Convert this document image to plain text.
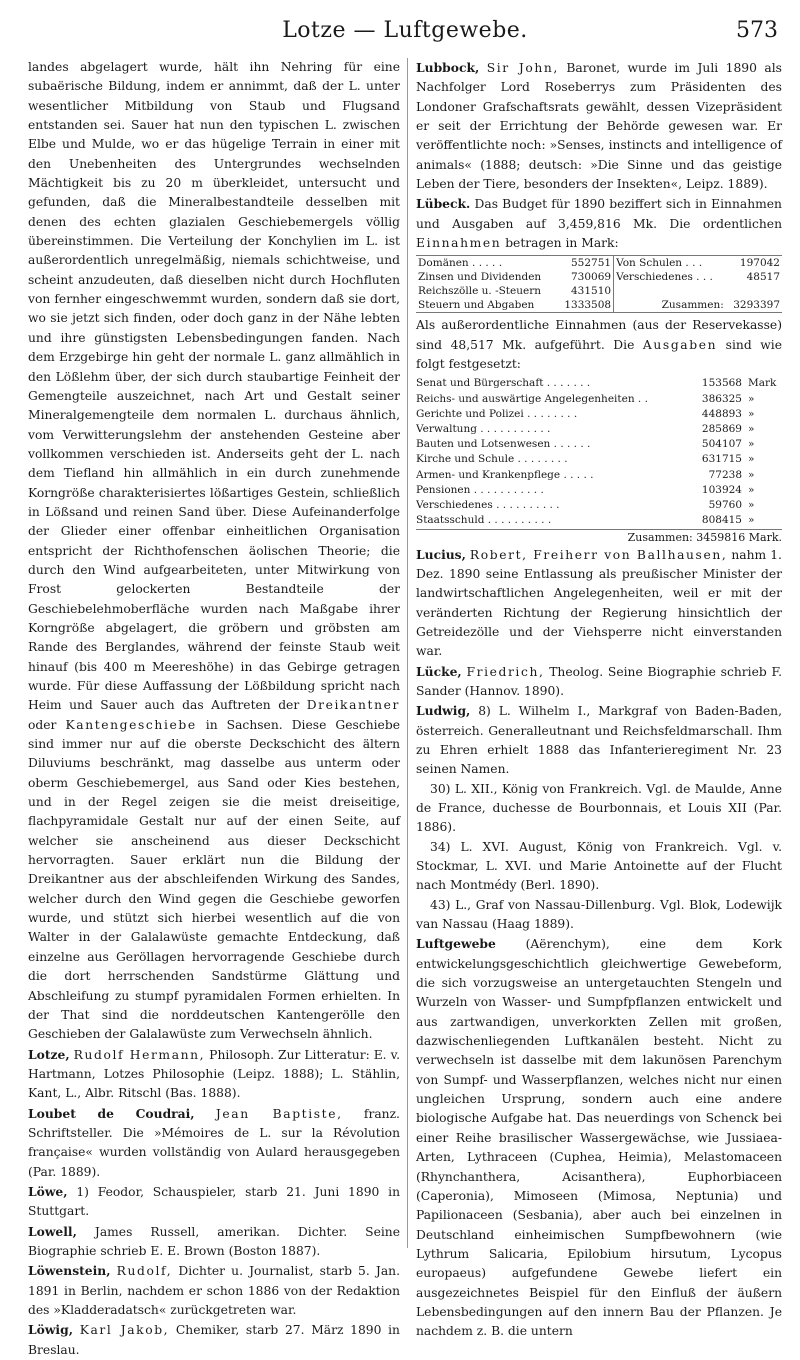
Lotze — Luftgewebe.	573

landes abgelagert wurde, hält ihn Nehring für eine subaërische Bildung, indem er annimmt, daß der L. unter wesentlicher Mitbildung von Staub und Flugsand entstanden sei. Sauer hat nun den typischen L. zwischen Elbe und Mulde, wo er das hügelige Terrain in einer mit den Unebenheiten des Untergrundes wechselnden Mächtigkeit bis zu 20 m überkleidet, untersucht und gefunden, daß die Mineralbestandteile desselben mit denen des echten glazialen Geschiebemergels völlig übereinstimmen. Die Verteilung der Konchylien im L. ist außerordentlich unregelmäßig, niemals schichtweise, und scheint anzudeuten, daß dieselben nicht durch Hochfluten von fernher eingeschwemmt wurden, sondern daß sie dort, wo sie jetzt sich finden, oder doch ganz in der Nähe lebten und ihre günstigsten Lebensbedingungen fanden. Nach dem Erzgebirge hin geht der normale L. ganz allmählich in den Lößlehm über, der sich durch staubartige Feinheit der Gemengteile auszeichnet, nach Art und Gestalt seiner Mineralgemengteile dem normalen L. durchaus ähnlich, vom Verwitterungslehm der anstehenden Gesteine aber vollkommen verschieden ist. Anderseits geht der L. nach dem Tiefland hin allmählich in ein durch zunehmende Korngröße charakterisiertes lößartiges Gestein, schließlich in Lößsand und reinen Sand über. Diese Aufeinanderfolge der Glieder einer offenbar einheitlichen Organisation entspricht der Richthofenschen äolischen Theorie; die durch den Wind aufgearbeiteten, unter Mitwirkung von Frost gelockerten Bestandteile der Geschiebelehmoberfläche wurden nach Maßgabe ihrer Korngröße abgelagert, die gröbern und gröbsten am Rande des Berglandes, während der feinste Staub weit hinauf (bis 400 m Meereshöhe) in das Gebirge getragen wurde. Für diese Auffassung der Lößbildung spricht nach Heim und Sauer auch das Auftreten der Dreikantner oder Kantengeschiebe in Sachsen. Diese Geschiebe sind immer nur auf die oberste Deckschicht des ältern Diluviums beschränkt, mag dasselbe aus unterm oder oberm Geschiebemergel, aus Sand oder Kies bestehen, und in der Regel zeigen sie die meist dreiseitige, flachpyramidale Gestalt nur auf der einen Seite, auf welcher sie anscheinend aus dieser Deckschicht hervorragten. Sauer erklärt nun die Bildung der Dreikantner aus der abschleifenden Wirkung des Sandes, welcher durch den Wind gegen die Geschiebe geworfen wurde, und stützt sich hierbei wesentlich auf die von Walter in der Galalawüste gemachte Entdeckung, daß einzelne aus Geröllagen hervorragende Geschiebe durch die dort herrschenden Sandstürme Glättung und Abschleifung zu stumpf pyramidalen Formen erhielten. In der That sind die norddeutschen Kantengerölle den Geschieben der Galalawüste zum Verwechseln ähnlich.

Lotze, Rudolf Hermann, Philosoph. Zur Litteratur: E. v. Hartmann, Lotzes Philosophie (Leipz. 1888); L. Stählin, Kant, L., Albr. Ritschl (Bas. 1888).

Loubet de Coudrai, Jean Baptiste, franz. Schriftsteller. Die »Mémoires de L. sur la Révolution française« wurden vollständig von Aulard herausgegeben (Par. 1889).

Löwe, 1) Feodor, Schauspieler, starb 21. Juni 1890 in Stuttgart.

Lowell, James Russell, amerikan. Dichter. Seine Biographie schrieb E. E. Brown (Boston 1887).

Löwenstein, Rudolf, Dichter u. Journalist, starb 5. Jan. 1891 in Berlin, nachdem er schon 1886 von der Redaktion des »Kladderadatsch« zurückgetreten war.

Löwig, Karl Jakob, Chemiker, starb 27. März 1890 in Breslau.

Lubbock, Sir John, Baronet, wurde im Juli 1890 als Nachfolger Lord Roseberrys zum Präsidenten des Londoner Grafschaftsrats gewählt, dessen Vizepräsident er seit der Errichtung der Behörde gewesen war. Er veröffentlichte noch: »Senses, instincts and intelligence of animals« (1888; deutsch: »Die Sinne und das geistige Leben der Tiere, besonders der Insekten«, Leipz. 1889).

Lübeck. Das Budget für 1890 beziffert sich in Einnahmen und Ausgaben auf 3,459,816 Mk. Die ordentlichen Einnahmen betragen in Mark:

Domänen . . . . .	552751	Von Schulen . . .	197042
Zinsen und Dividenden	730069	Verschiedenes . . .	48517
Reichszölle u. -Steuern	431510		
Steuern und Abgaben	1333508	Zusammen:	3293397

Als außerordentliche Einnahmen (aus der Reservekasse) sind 48,517 Mk. aufgeführt. Die Ausgaben sind wie folgt festgesetzt:

Senat und Bürgerschaft . . . . . . .	153568	Mark
Reichs- und auswärtige Angelegenheiten . .	386325	»
Gerichte und Polizei . . . . . . . .	448893	»
Verwaltung . . . . . . . . . . .	285869	»
Bauten und Lotsenwesen . . . . . .	504107	»
Kirche und Schule . . . . . . . .	631715	»
Armen- und Krankenpflege . . . . .	77238	»
Pensionen . . . . . . . . . . .	103924	»
Verschiedenes . . . . . . . . . .	59760	»
Staatsschuld . . . . . . . . . .	808415	»
Zusammen: 3459816 Mark.

Lucius, Robert, Freiherr von Ballhausen, nahm 1. Dez. 1890 seine Entlassung als preußischer Minister der landwirtschaftlichen Angelegenheiten, weil er mit der veränderten Richtung der Regierung hinsichtlich der Getreidezölle und der Viehsperre nicht einverstanden war.

Lücke, Friedrich, Theolog. Seine Biographie schrieb F. Sander (Hannov. 1890).

Ludwig, 8) L. Wilhelm I., Markgraf von Baden-Baden, österreich. Generalleutnant und Reichsfeldmarschall. Ihm zu Ehren erhielt 1888 das Infanterieregiment Nr. 23 seinen Namen.

30) L. XII., König von Frankreich. Vgl. de Maulde, Anne de France, duchesse de Bourbonnais, et Louis XII (Par. 1886).

34) L. XVI. August, König von Frankreich. Vgl. v. Stockmar, L. XVI. und Marie Antoinette auf der Flucht nach Montmédy (Berl. 1890).

43) L., Graf von Nassau-Dillenburg. Vgl. Blok, Lodewijk van Nassau (Haag 1889).

Luftgewebe (Aërenchym), eine dem Kork entwickelungsgeschichtlich gleichwertige Gewebeform, die sich vorzugsweise an untergetauchten Stengeln und Wurzeln von Wasser- und Sumpfpflanzen entwickelt und aus zartwandigen, unverkorkten Zellen mit großen, dazwischenliegenden Luftkanälen besteht. Nicht zu verwechseln ist dasselbe mit dem lakunösen Parenchym von Sumpf- und Wasserpflanzen, welches nicht nur einen ungleichen Ursprung, sondern auch eine andere biologische Aufgabe hat. Das neuerdings von Schenck bei einer Reihe brasilischer Wassergewächse, wie Jussiaea-Arten, Lythraceen (Cuphea, Heimia), Melastomaceen (Rhynchanthera, Acisanthera), Euphorbiaceen (Caperonia), Mimoseen (Mimosa, Neptunia) und Papilionaceen (Sesbania), aber auch bei einzelnen in Deutschland einheimischen Sumpfbewohnern (wie Lythrum Salicaria, Epilobium hirsutum, Lycopus europaeus) aufgefundene Gewebe liefert ein ausgezeichnetes Beispiel für den Einfluß der äußern Lebensbedingungen auf den innern Bau der Pflanzen. Je nachdem z. B. die untern
